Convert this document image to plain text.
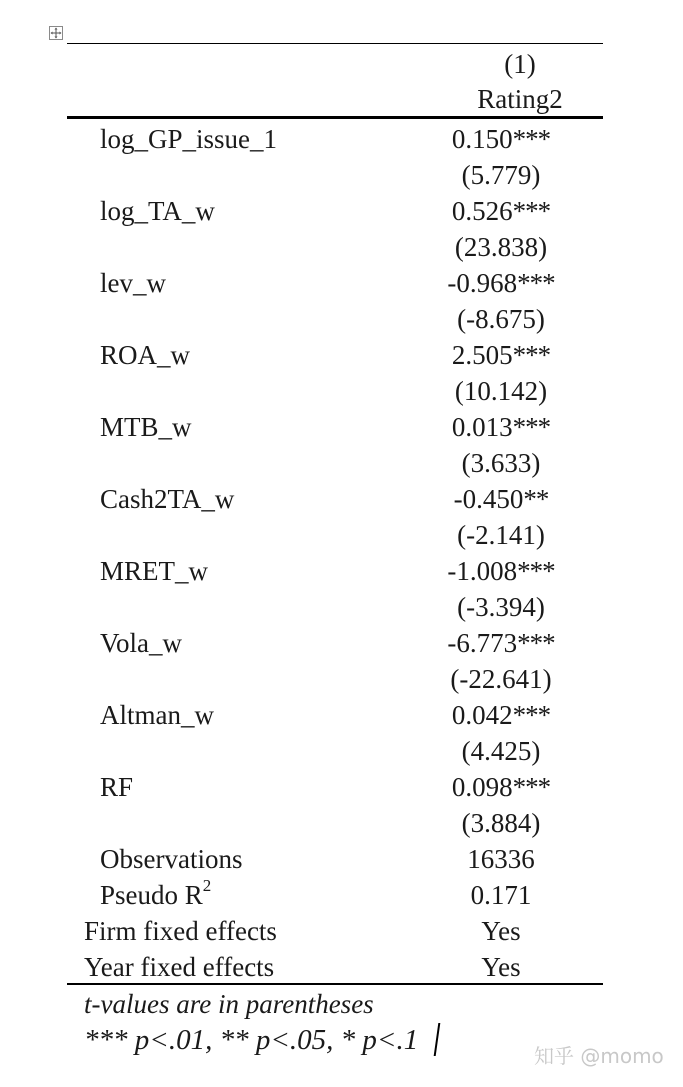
(1)
Rating2
log_GP_issue_1	0.150***
(5.779)
log_TA_w	0.526***
(23.838)
lev_w	-0.968***
(-8.675)
ROA_w	2.505***
(10.142)
MTB_w	0.013***
(3.633)
Cash2TA_w	-0.450**
(-2.141)
MRET_w	-1.008***
(-3.394)
Vola_w	-6.773***
(-22.641)
Altman_w	0.042***
(4.425)
RF	0.098***
(3.884)
Observations	16336
Pseudo $R^2$	0.171
Firm fixed effects	Yes
Year fixed effects	Yes
t-values are in parentheses
*** p<.01, ** p<.05, * p<.1	知乎 @momo
